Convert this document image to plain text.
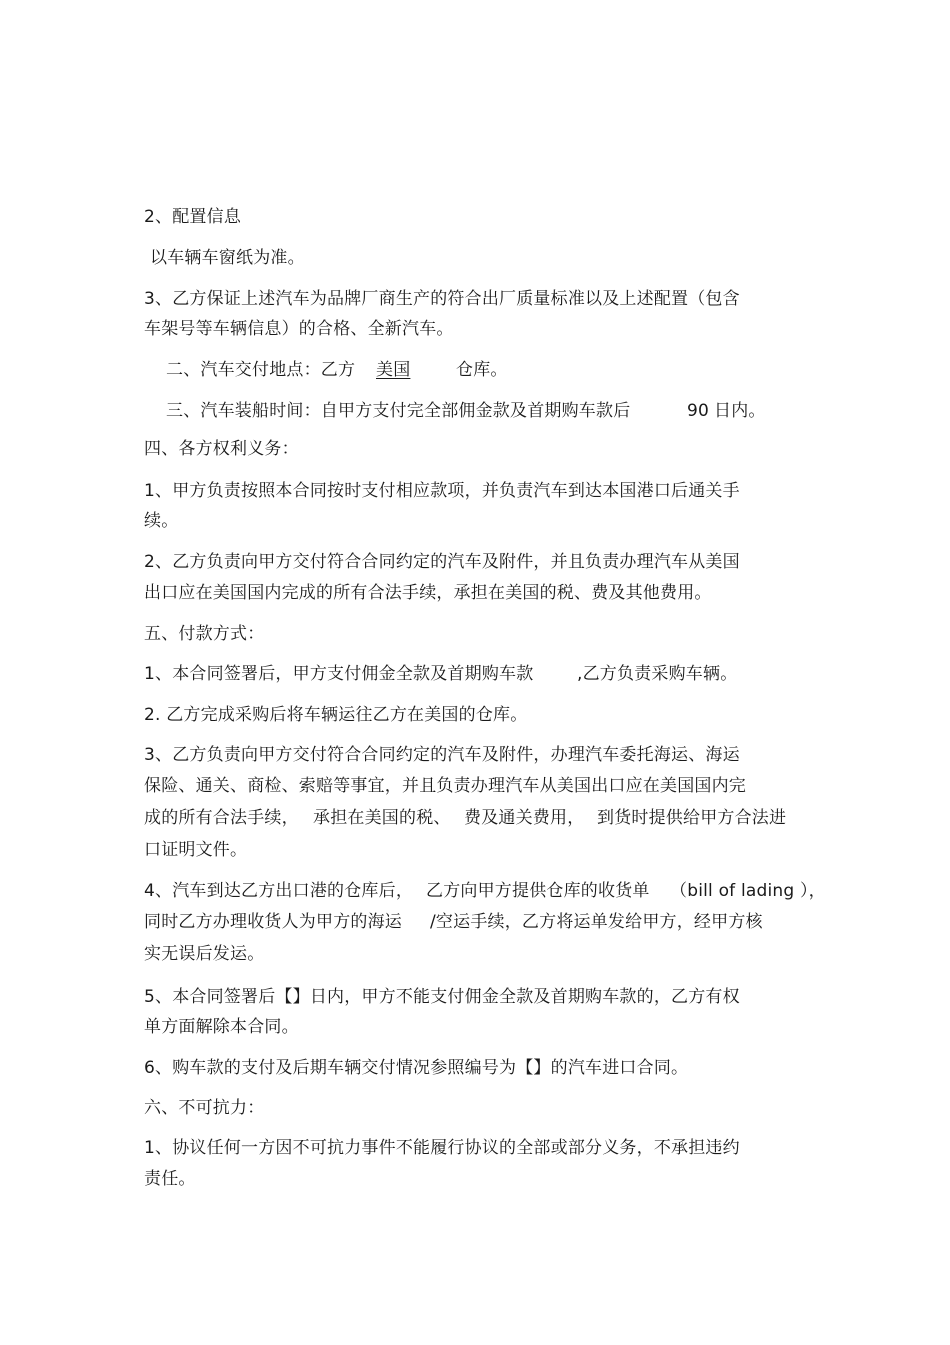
2、配置信息
以车辆车窗纸为准。
3、乙方保证上述汽车为品牌厂商生产的符合出厂质量标准以及上述配置（包含
车架号等车辆信息）的合格、全新汽车。
二、汽车交付地点：乙方 美国	仓库。
三、汽车装船时间：自甲方支付完全部佣金款及首期购车款后	90 日内。
四、各方权利义务：
1、甲方负责按照本合同按时支付相应款项，并负责汽车到达本国港口后通关手
续。
2、乙方负责向甲方交付符合合同约定的汽车及附件，并且负责办理汽车从美国
出口应在美国国内完成的所有合法手续，承担在美国的税、费及其他费用。
五、付款方式：
1、本合同签署后，甲方支付佣金全款及首期购车款	,乙方负责采购车辆。
2. 乙方完成采购后将车辆运往乙方在美国的仓库。
3、乙方负责向甲方交付符合合同约定的汽车及附件，办理汽车委托海运、海运
保险、通关、商检、索赔等事宜，并且负责办理汽车从美国出口应在美国国内完
成的所有合法手续， 承担在美国的税、 费及通关费用， 到货时提供给甲方合法进
口证明文件。
4、汽车到达乙方出口港的仓库后， 乙方向甲方提供仓库的收货单 （bill of lading ），
同时乙方办理收货人为甲方的海运 /空运手续，乙方将运单发给甲方，经甲方核
实无误后发运。
5、本合同签署后【】日内，甲方不能支付佣金全款及首期购车款的，乙方有权
单方面解除本合同。
6、购车款的支付及后期车辆交付情况参照编号为【】的汽车进口合同。
六、不可抗力：
1、协议任何一方因不可抗力事件不能履行协议的全部或部分义务，不承担违约
责任。
